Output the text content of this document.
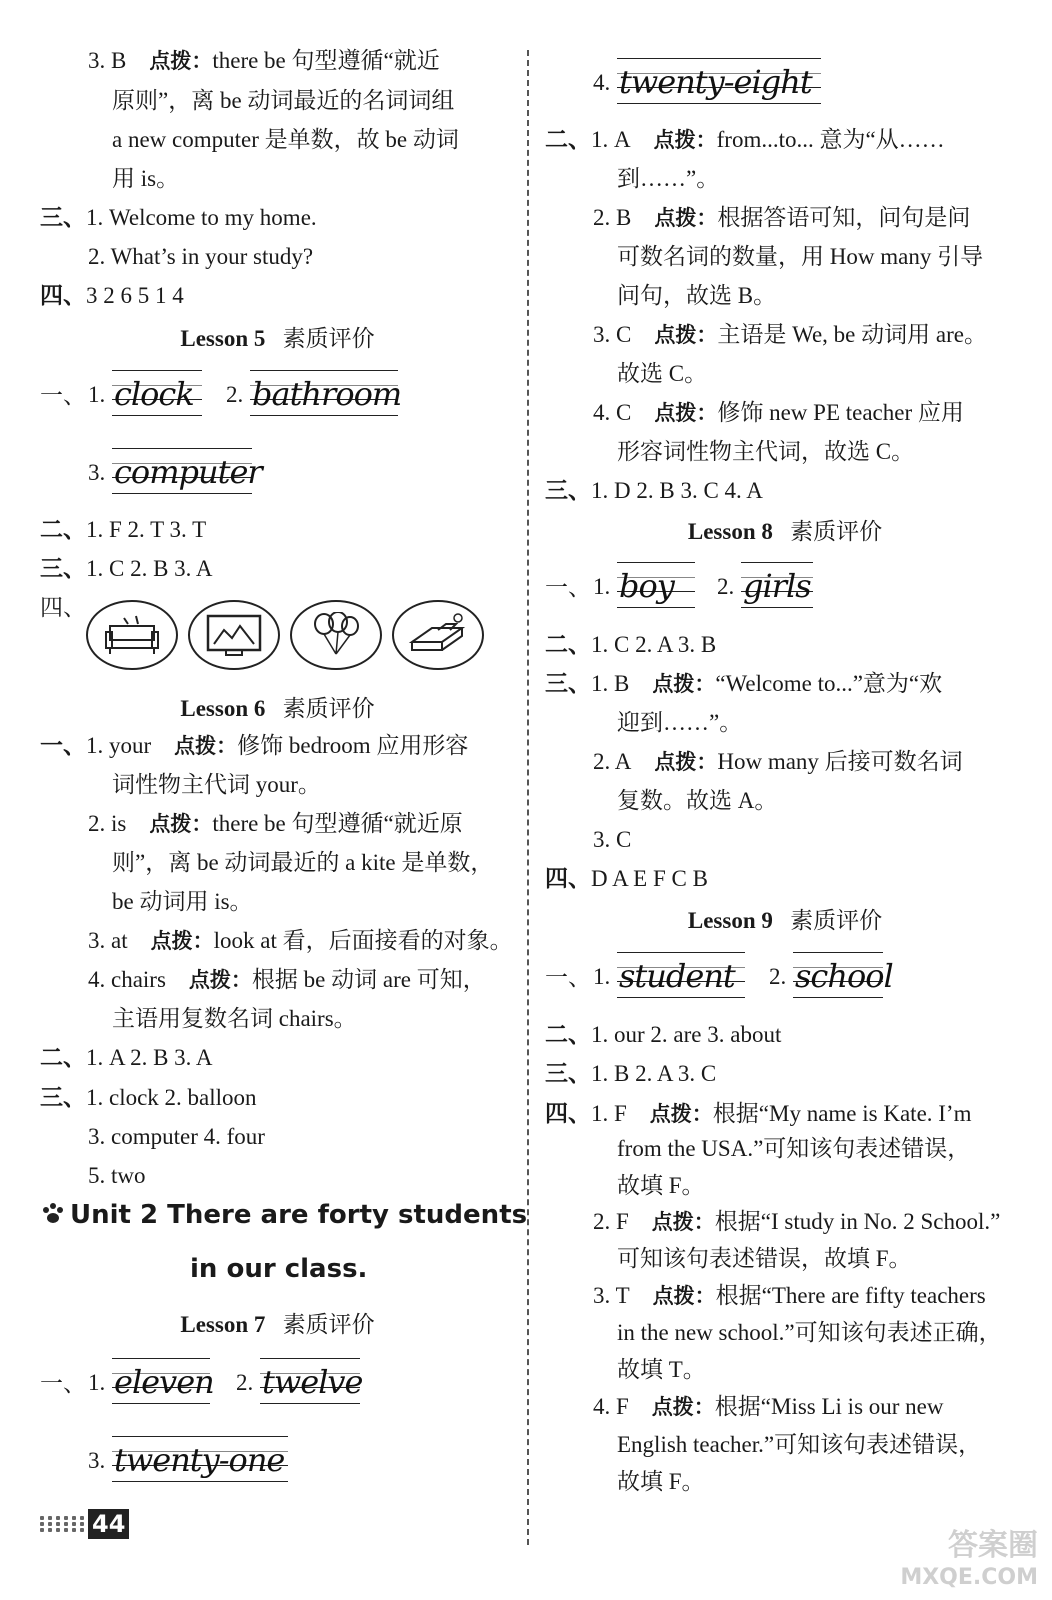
3. B 点拨：there be 句型遵循“就近
原则”，离 be 动词最近的名词词组
a new computer 是单数，故 be 动词
用 is。
三、1. Welcome to my home.
2. What’s in your study?
四、3 2 6 5 1 4
Lesson 5 素质评价
一、 1. clock 2. bathroom
3. computer
二、1. F 2. T 3. T
三、1. C 2. B 3. A
四、
Lesson 6 素质评价
一、1. your 点拨：修饰 bedroom 应用形容
词性物主代词 your。
2. is 点拨：there be 句型遵循“就近原
则”，离 be 动词最近的 a kite 是单数，
be 动词用 is。
3. at 点拨：look at 看，后面接看的对象。
4. chairs 点拨：根据 be 动词 are 可知，
主语用复数名词 chairs。
二、1. A 2. B 3. A
三、1. clock 2. balloon
3. computer 4. four
5. two
Unit 2 There are forty students
in our class.
Lesson 7 素质评价
一、 1. eleven 2. twelve
3. twenty-one
4. twenty-eight
二、1. A 点拨：from...to... 意为“从……
到……”。
2. B 点拨：根据答语可知，问句是问
可数名词的数量，用 How many 引导
问句，故选 B。
3. C 点拨：主语是 We, be 动词用 are。
故选 C。
4. C 点拨：修饰 new PE teacher 应用
形容词性物主代词，故选 C。
三、1. D 2. B 3. C 4. A
Lesson 8 素质评价
一、 1. boy 2. girls
二、1. C 2. A 3. B
三、1. B 点拨：“Welcome to...”意为“欢
迎到……”。
2. A 点拨：How many 后接可数名词
复数。故选 A。
3. C
四、D A E F C B
Lesson 9 素质评价
一、 1. student 2. school
二、1. our 2. are 3. about
三、1. B 2. A 3. C
四、1. F 点拨：根据“My name is Kate. I’m
from the USA.”可知该句表述错误，
故填 F。
2. F 点拨：根据“I study in No. 2 School.”
可知该句表述错误，故填 F。
3. T 点拨：根据“There are fifty teachers
in the new school.”可知该句表述正确，
故填 T。
4. F 点拨：根据“Miss Li is our new
English teacher.”可知该句表述错误，
故填 F。
44
答案圈
MXQE.COM
